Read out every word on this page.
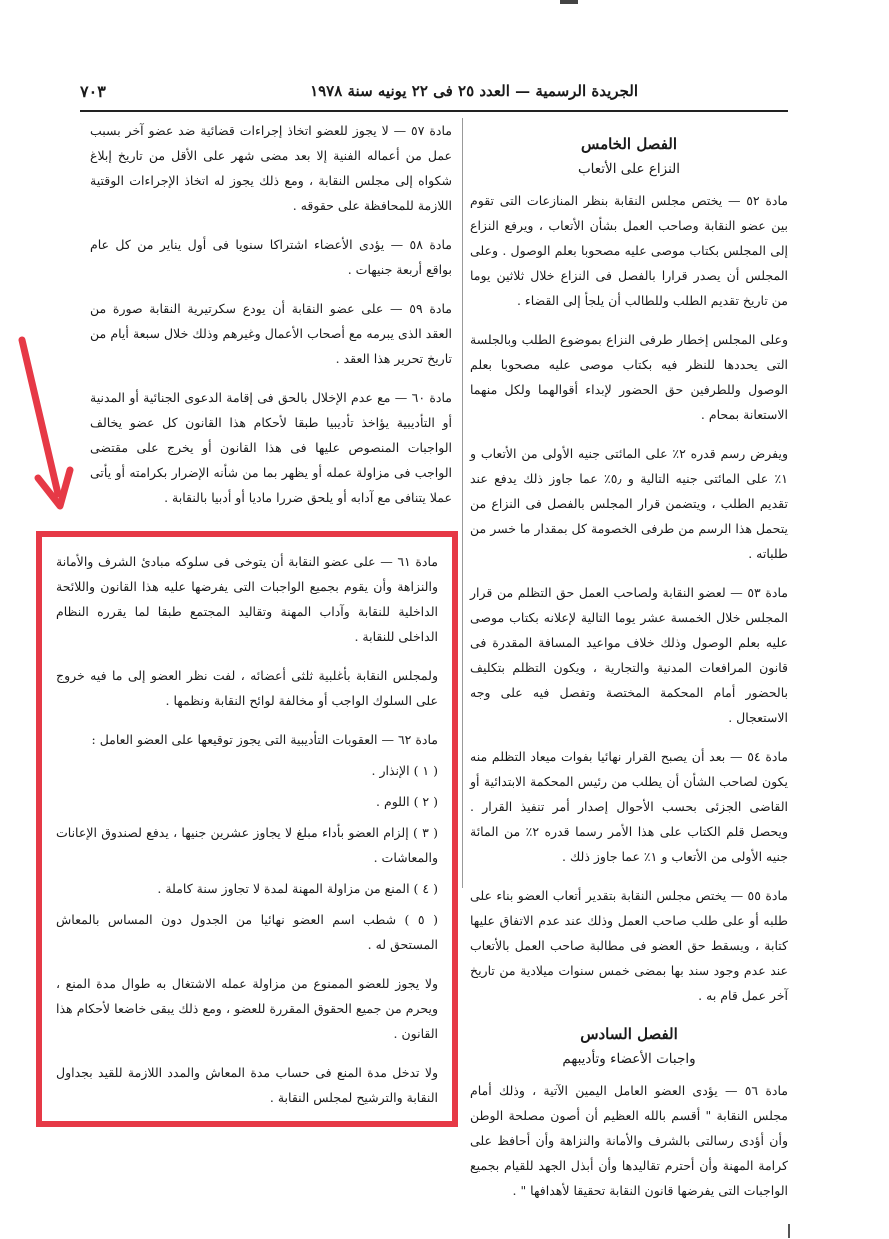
الجريدة الرسمية — العدد ٢٥ فى ٢٢ يونيه سنة ١٩٧٨
٧٠٣
الفصل الخامس
النزاع على الأتعاب

مادة ٥٢ — يختص مجلس النقابة بنظر المنازعات التى تقوم بين عضو النقابة وصاحب العمل بشأن الأتعاب ، ويرفع النزاع إلى المجلس بكتاب موصى عليه مصحوبا بعلم الوصول . وعلى المجلس أن يصدر قرارا بالفصل فى النزاع خلال ثلاثين يوما من تاريخ تقديم الطلب وللطالب أن يلجأ إلى القضاء .

وعلى المجلس إخطار طرفى النزاع بموضوع الطلب وبالجلسة التى يحددها للنظر فيه بكتاب موصى عليه مصحوبا بعلم الوصول وللطرفين حق الحضور لإبداء أقوالهما ولكل منهما الاستعانة بمحام .

ويفرض رسم قدره ٢٪ على المائتى جنيه الأولى من الأتعاب و ١٪ على المائتى جنيه التالية و ٥٫٪ عما جاوز ذلك يدفع عند تقديم الطلب ، ويتضمن قرار المجلس بالفصل فى النزاع من يتحمل هذا الرسم من طرفى الخصومة كل بمقدار ما خسر من طلباته .

مادة ٥٣ — لعضو النقابة ولصاحب العمل حق التظلم من قرار المجلس خلال الخمسة عشر يوما التالية لإعلانه بكتاب موصى عليه بعلم الوصول وذلك خلاف مواعيد المسافة المقدرة فى قانون المرافعات المدنية والتجارية ، ويكون التظلم بتكليف بالحضور أمام المحكمة المختصة وتفصل فيه على وجه الاستعجال .

مادة ٥٤ — بعد أن يصبح القرار نهائيا بفوات ميعاد التظلم منه يكون لصاحب الشأن أن يطلب من رئيس المحكمة الابتدائية أو القاضى الجزئى بحسب الأحوال إصدار أمر تنفيذ القرار . ويحصل قلم الكتاب على هذا الأمر رسما قدره ٢٪ من المائة جنيه الأولى من الأتعاب و ١٪ عما جاوز ذلك .

مادة ٥٥ — يختص مجلس النقابة بتقدير أتعاب العضو بناء على طلبه أو على طلب صاحب العمل وذلك عند عدم الاتفاق عليها كتابة ، ويسقط حق العضو فى مطالبة صاحب العمل بالأتعاب عند عدم وجود سند بها بمضى خمس سنوات ميلادية من تاريخ آخر عمل قام به .

الفصل السادس
واجبات الأعضاء وتأديبهم

مادة ٥٦ — يؤدى العضو العامل اليمين الآتية ، وذلك أمام مجلس النقابة " أقسم بالله العظيم أن أصون مصلحة الوطن وأن أؤدى رسالتى بالشرف والأمانة والنزاهة وأن أحافظ على كرامة المهنة وأن أحترم تقاليدها وأن أبذل الجهد للقيام بجميع الواجبات التى يفرضها قانون النقابة تحقيقا لأهدافها " .

مادة ٥٧ — لا يجوز للعضو اتخاذ إجراءات قضائية ضد عضو آخر بسبب عمل من أعماله الفنية إلا بعد مضى شهر على الأقل من تاريخ إبلاغ شكواه إلى مجلس النقابة ، ومع ذلك يجوز له اتخاذ الإجراءات الوقتية اللازمة للمحافظة على حقوقه .

مادة ٥٨ — يؤدى الأعضاء اشتراكا سنويا فى أول يناير من كل عام بواقع أربعة جنيهات .

مادة ٥٩ — على عضو النقابة أن يودع سكرتيرية النقابة صورة من العقد الذى يبرمه مع أصحاب الأعمال وغيرهم وذلك خلال سبعة أيام من تاريخ تحرير هذا العقد .

مادة ٦٠ — مع عدم الإخلال بالحق فى إقامة الدعوى الجنائية أو المدنية أو التأديبية يؤاخذ تأديبيا طبقا لأحكام هذا القانون كل عضو يخالف الواجبات المنصوص عليها فى هذا القانون أو يخرج على مقتضى الواجب فى مزاولة عمله أو يظهر بما من شأنه الإضرار بكرامته أو يأتى عملا يتنافى مع آدابه أو يلحق ضررا ماديا أو أدبيا بالنقابة .

مادة ٦١ — على عضو النقابة أن يتوخى فى سلوكه مبادئ الشرف والأمانة والنزاهة وأن يقوم بجميع الواجبات التى يفرضها عليه هذا القانون واللائحة الداخلية للنقابة وآداب المهنة وتقاليد المجتمع طبقا لما يقرره النظام الداخلى للنقابة .

ولمجلس النقابة بأغلبية ثلثى أعضائه ، لفت نظر العضو إلى ما فيه خروج على السلوك الواجب أو مخالفة لوائح النقابة ونظمها .

مادة ٦٢ — العقوبات التأديبية التى يجوز توقيعها على العضو العامل :

( ١ ) الإنذار .

( ٢ ) اللوم .

( ٣ ) إلزام العضو بأداء مبلغ لا يجاوز عشرين جنيها ، يدفع لصندوق الإعانات والمعاشات .

( ٤ ) المنع من مزاولة المهنة لمدة لا تجاوز سنة كاملة .

( ٥ ) شطب اسم العضو نهائيا من الجدول دون المساس بالمعاش المستحق له .

ولا يجوز للعضو الممنوع من مزاولة عمله الاشتغال به طوال مدة المنع ، ويحرم من جميع الحقوق المقررة للعضو ، ومع ذلك يبقى خاضعا لأحكام هذا القانون .

ولا تدخل مدة المنع فى حساب مدة المعاش والمدد اللازمة للقيد بجداول النقابة والترشيح لمجلس النقابة .
